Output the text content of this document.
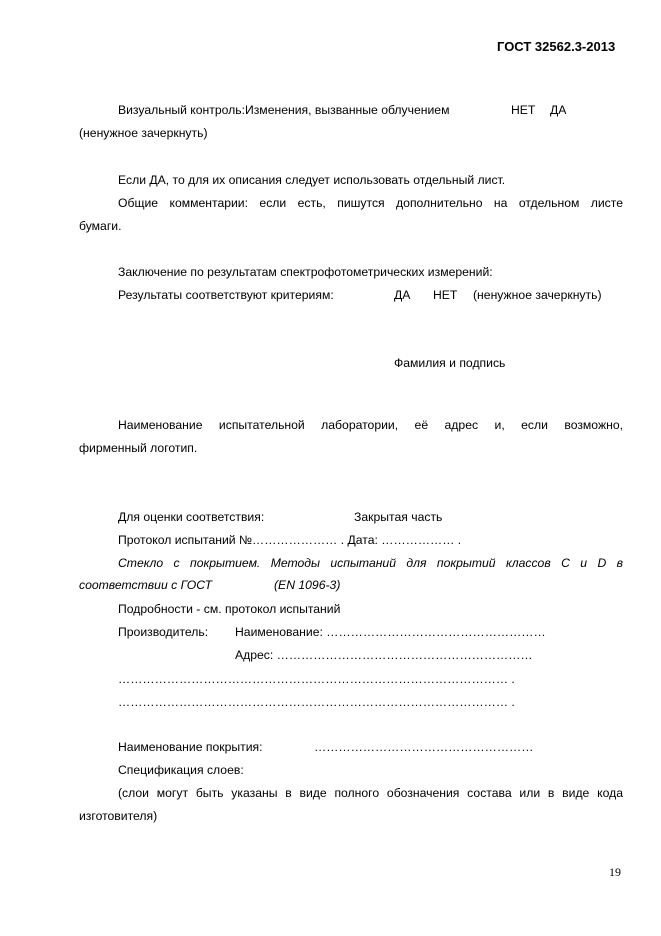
ГОСТ 32562.3-2013
Визуальный контроль:Изменения, вызванные облучением	НЕТ ДА
(ненужное зачеркнуть)
Если ДА, то для их описания следует использовать отдельный лист.
Общие комментарии: если есть, пишутся дополнительно на отдельном листе
бумаги.
Заключение по результатам спектрофотометрических измерений:
Результаты соответствуют критериям:	ДА НЕТ (ненужное зачеркнуть)
Фамилия и подпись
Наименование испытательной лаборатории, её адрес и, если возможно,
фирменный логотип.
Для оценки соответствия:	Закрытая часть
Протокол испытаний №………………… . Дата: ……………… .
Стекло с покрытием. Методы испытаний для покрытий классов C и D в
соответствии с ГОСТ	(EN 1096-3)
Подробности - см. протокол испытаний
Производитель: Наименование: ………………………………………………
Адрес: ………………………………………………………
…………………………………………………………………………………… .
…………………………………………………………………………………… .
Наименование покрытия:	………………………………………………
Спецификация слоев:
(слои могут быть указаны в виде полного обозначения состава или в виде кода
изготовителя)
19
